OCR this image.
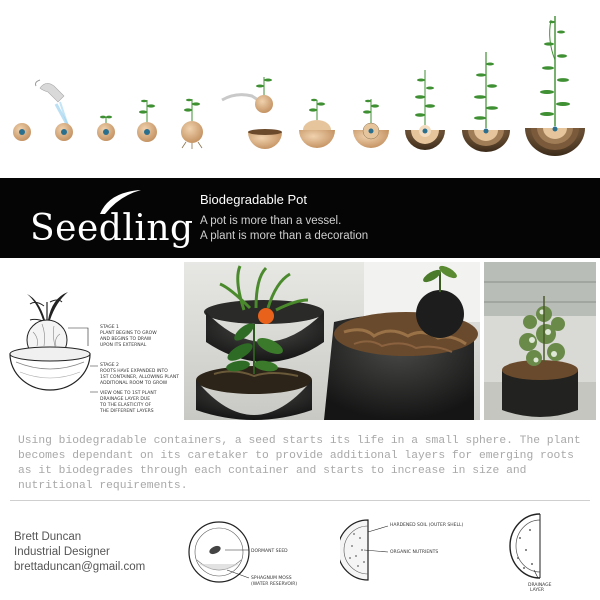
Seedling
Biodegradable Pot
A pot is more than a vessel.
A plant is more than a decoration
STAGE 1
PLANT BEGINS TO GROW
AND BEGINS TO DRAW
UPON ITS EXTERNAL
STAGE 2
ROOTS HAVE EXPANDED INTO
1ST CONTAINER, ALLOWING PLANT
ADDITIONAL ROOM TO GROW
VIEW ONE TO 1ST PLANT
DRAINAGE LAYER DUE
TO THE ELASTICITY OF
THE DIFFERENT LAYERS
Using biodegradable containers, a seed starts its life in a small sphere. The plant becomes dependant on its caretaker to provide additional layers for emerging roots as it biodegrades through each container and starts to increase in size and nutritional requirements.
Brett Duncan
Industrial Designer
brettaduncan@gmail.com
DORMANT SEED
SPHAGNUM MOSS
(WATER RESERVOIR)
HARDENED SOIL (OUTER SHELL)
ORGANIC NUTRIENTS
DRAINAGE
LAYER
